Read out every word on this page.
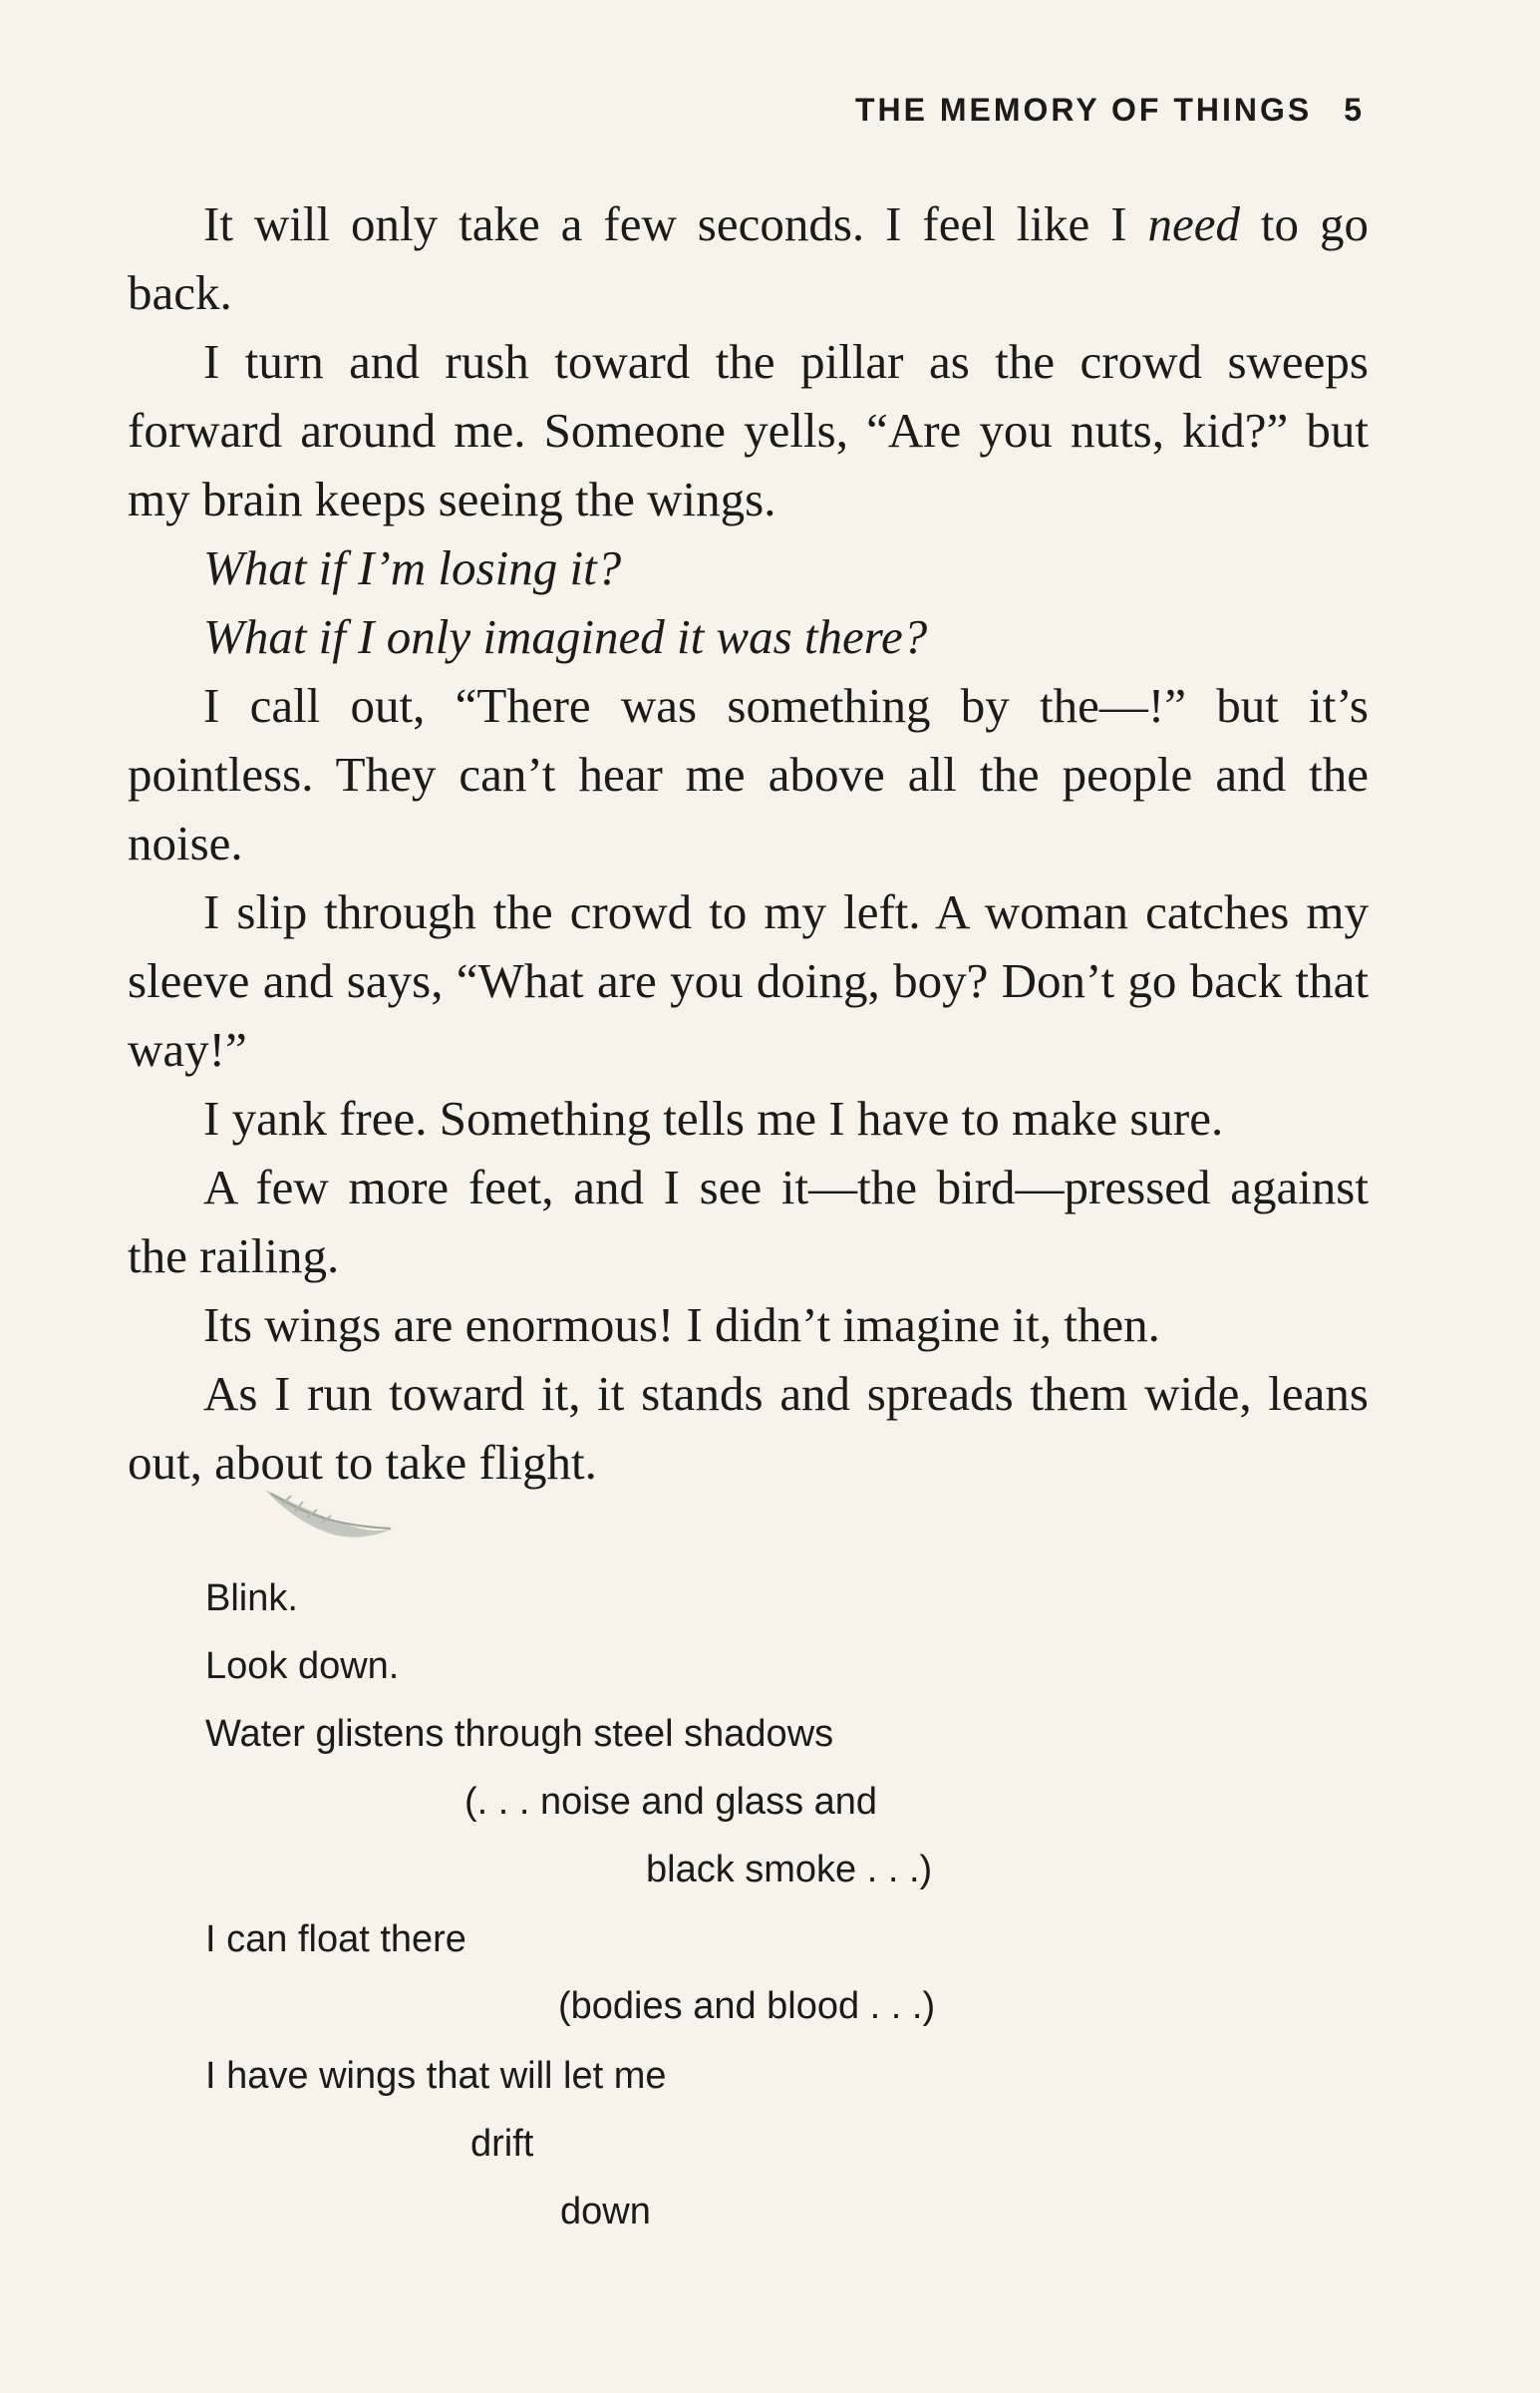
THE MEMORY OF THINGS 5

It will only take a few seconds. I feel like I need to go back.

I turn and rush toward the pillar as the crowd sweeps forward around me. Someone yells, “Are you nuts, kid?” but my brain keeps seeing the wings.

What if I’m losing it?

What if I only imagined it was there?

I call out, “There was something by the—!” but it’s pointless. They can’t hear me above all the people and the noise.

I slip through the crowd to my left. A woman catches my sleeve and says, “What are you doing, boy? Don’t go back that way!”

I yank free. Something tells me I have to make sure.

A few more feet, and I see it—the bird—pressed against the railing.

Its wings are enormous! I didn’t imagine it, then.

As I run toward it, it stands and spreads them wide, leans out, about to take flight.

Blink.
Look down.
Water glistens through steel shadows
(. . . noise and glass and
black smoke . . .)
I can float there
(bodies and blood . . .)
I have wings that will let me
drift
down
